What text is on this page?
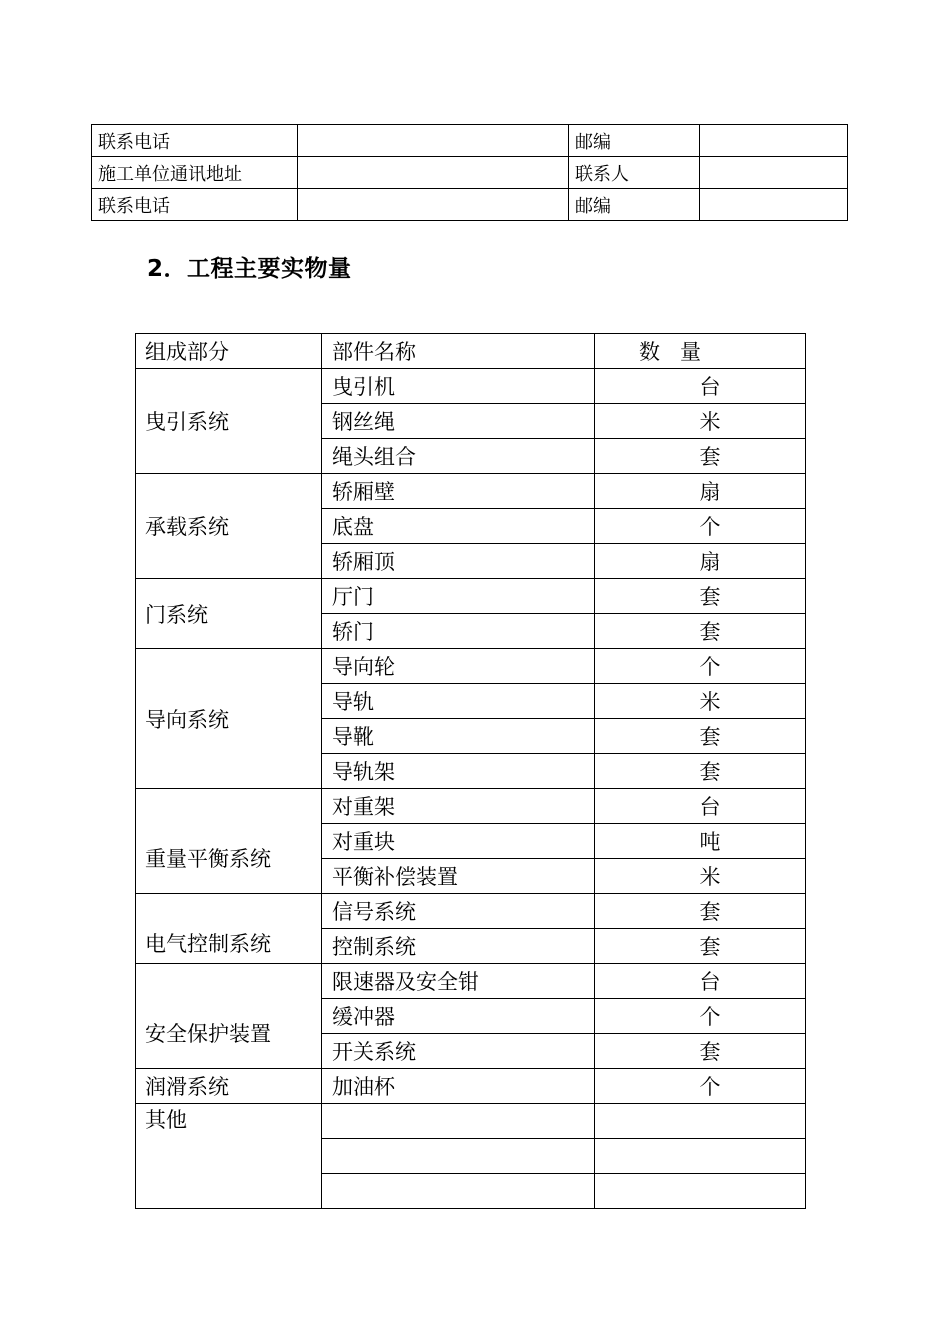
联系电话		邮编	
施工单位通讯地址		联系人	
联系电话		邮编	
2．工程主要实物量
组成部分	部件名称	数   量

曳引系统	曳引机	台
	钢丝绳	米
	绳头组合	套

承载系统	轿厢壁	扇
	底盘	个
	轿厢顶	扇

门系统	厅门	套
	轿门	套

导向系统	导向轮	个
	导轨	米
	导靴	套
	导轨架	套

重量平衡系统	对重架	台
	对重块	吨
	平衡补偿装置	米

电气控制系统	信号系统	套
	控制系统	套

安全保护装置	限速器及安全钳	台
	缓冲器	个
	开关系统	套

润滑系统	加油杯	个

其他		
